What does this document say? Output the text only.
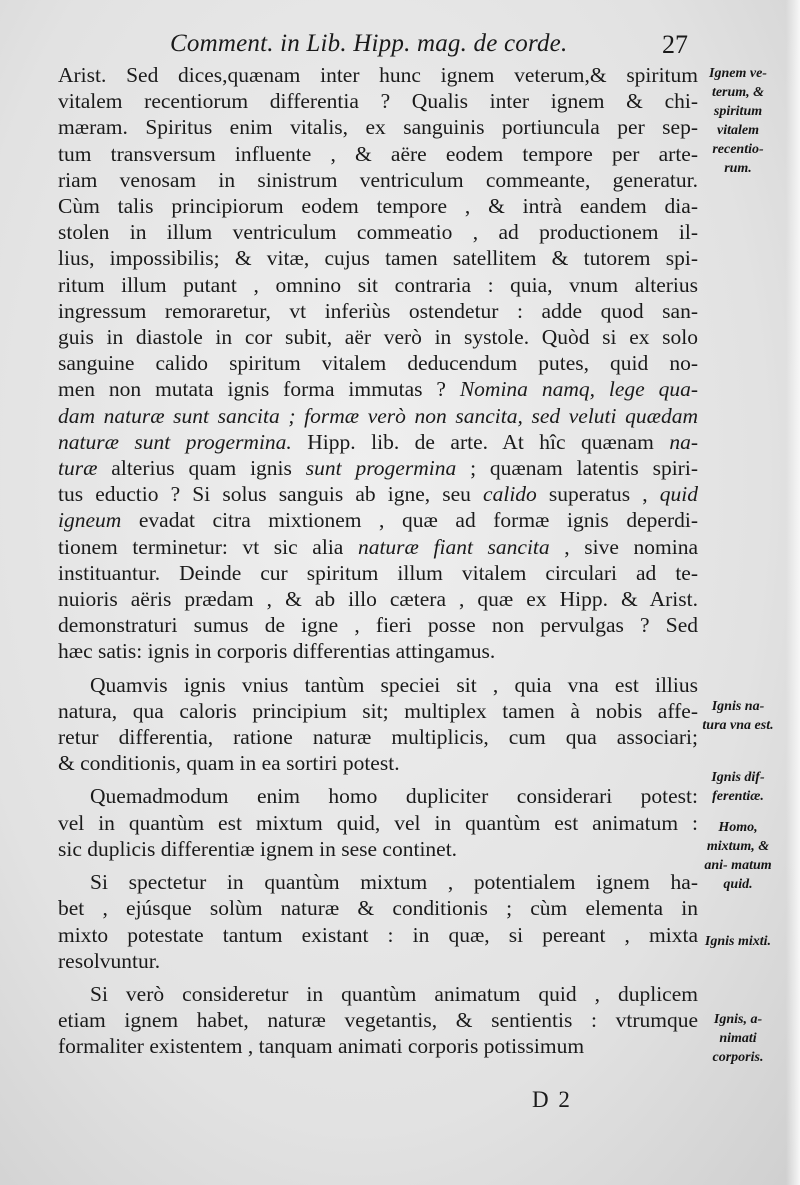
Comment. in Lib. Hipp. mag. de corde.	27
Arist. Sed dices,quænam inter hunc ignem veterum,& spiritum
vitalem recentiorum differentia ? Qualis inter ignem & chi-
mæram. Spiritus enim vitalis, ex sanguinis portiuncula per sep-
tum transversum influente , & aëre eodem tempore per arte-
riam venosam in sinistrum ventriculum commeante, generatur.
Cùm talis principiorum eodem tempore , & intrà eandem dia-
stolen in illum ventriculum commeatio , ad productionem il-
lius, impossibilis; & vitæ, cujus tamen satellitem & tutorem spi-
ritum illum putant , omnino sit contraria : quia, vnum alterius
ingressum remoraretur, vt inferiùs ostendetur : adde quod san-
guis in diastole in cor subit, aër verò in systole. Quòd si ex solo
sanguine calido spiritum vitalem deducendum putes, quid no-
men non mutata ignis forma immutas ? Nomina namq, lege qua-
dam naturæ sunt sancita ; formæ verò non sancita, sed veluti quædam
naturæ sunt progermina. Hipp. lib. de arte. At hîc quænam na-
turæ alterius quam ignis sunt progermina ; quænam latentis spiri-
tus eductio ? Si solus sanguis ab igne, seu calido superatus , quid
igneum evadat citra mixtionem , quæ ad formæ ignis deperdi-
tionem terminetur: vt sic alia naturæ fiant sancita , sive nomina
instituantur. Deinde cur spiritum illum vitalem circulari ad te-
nuioris aëris prædam , & ab illo cætera , quæ ex Hipp. & Arist.
demonstraturi sumus de igne , fieri posse non pervulgas ? Sed
hæc satis: ignis in corporis differentias attingamus.
Quamvis ignis vnius tantùm speciei sit , quia vna est illius
natura, qua caloris principium sit; multiplex tamen à nobis affe-
retur differentia, ratione naturæ multiplicis, cum qua associari;
& conditionis, quam in ea sortiri potest.
Quemadmodum enim homo dupliciter considerari potest:
vel in quantùm est mixtum quid, vel in quantùm est animatum :
sic duplicis differentiæ ignem in sese continet.
Si spectetur in quantùm mixtum , potentialem ignem ha-
bet , ejúsque solùm naturæ & conditionis ; cùm elementa in
mixto potestate tantum existant : in quæ, si pereant , mixta
resolvuntur.
Si verò consideretur in quantùm animatum quid , duplicem
etiam ignem habet, naturæ vegetantis, & sentientis : vtrumque
formaliter existentem , tanquam animati corporis potissimum
Ignem ve- terum, & spiritum vitalem recentio- rum.
Ignis na- tura vna est.
Ignis dif- ferentiæ.
Homo, mixtum, & ani- matum quid.
Ignis mixti.
Ignis, a- nimati corporis.
D 2
